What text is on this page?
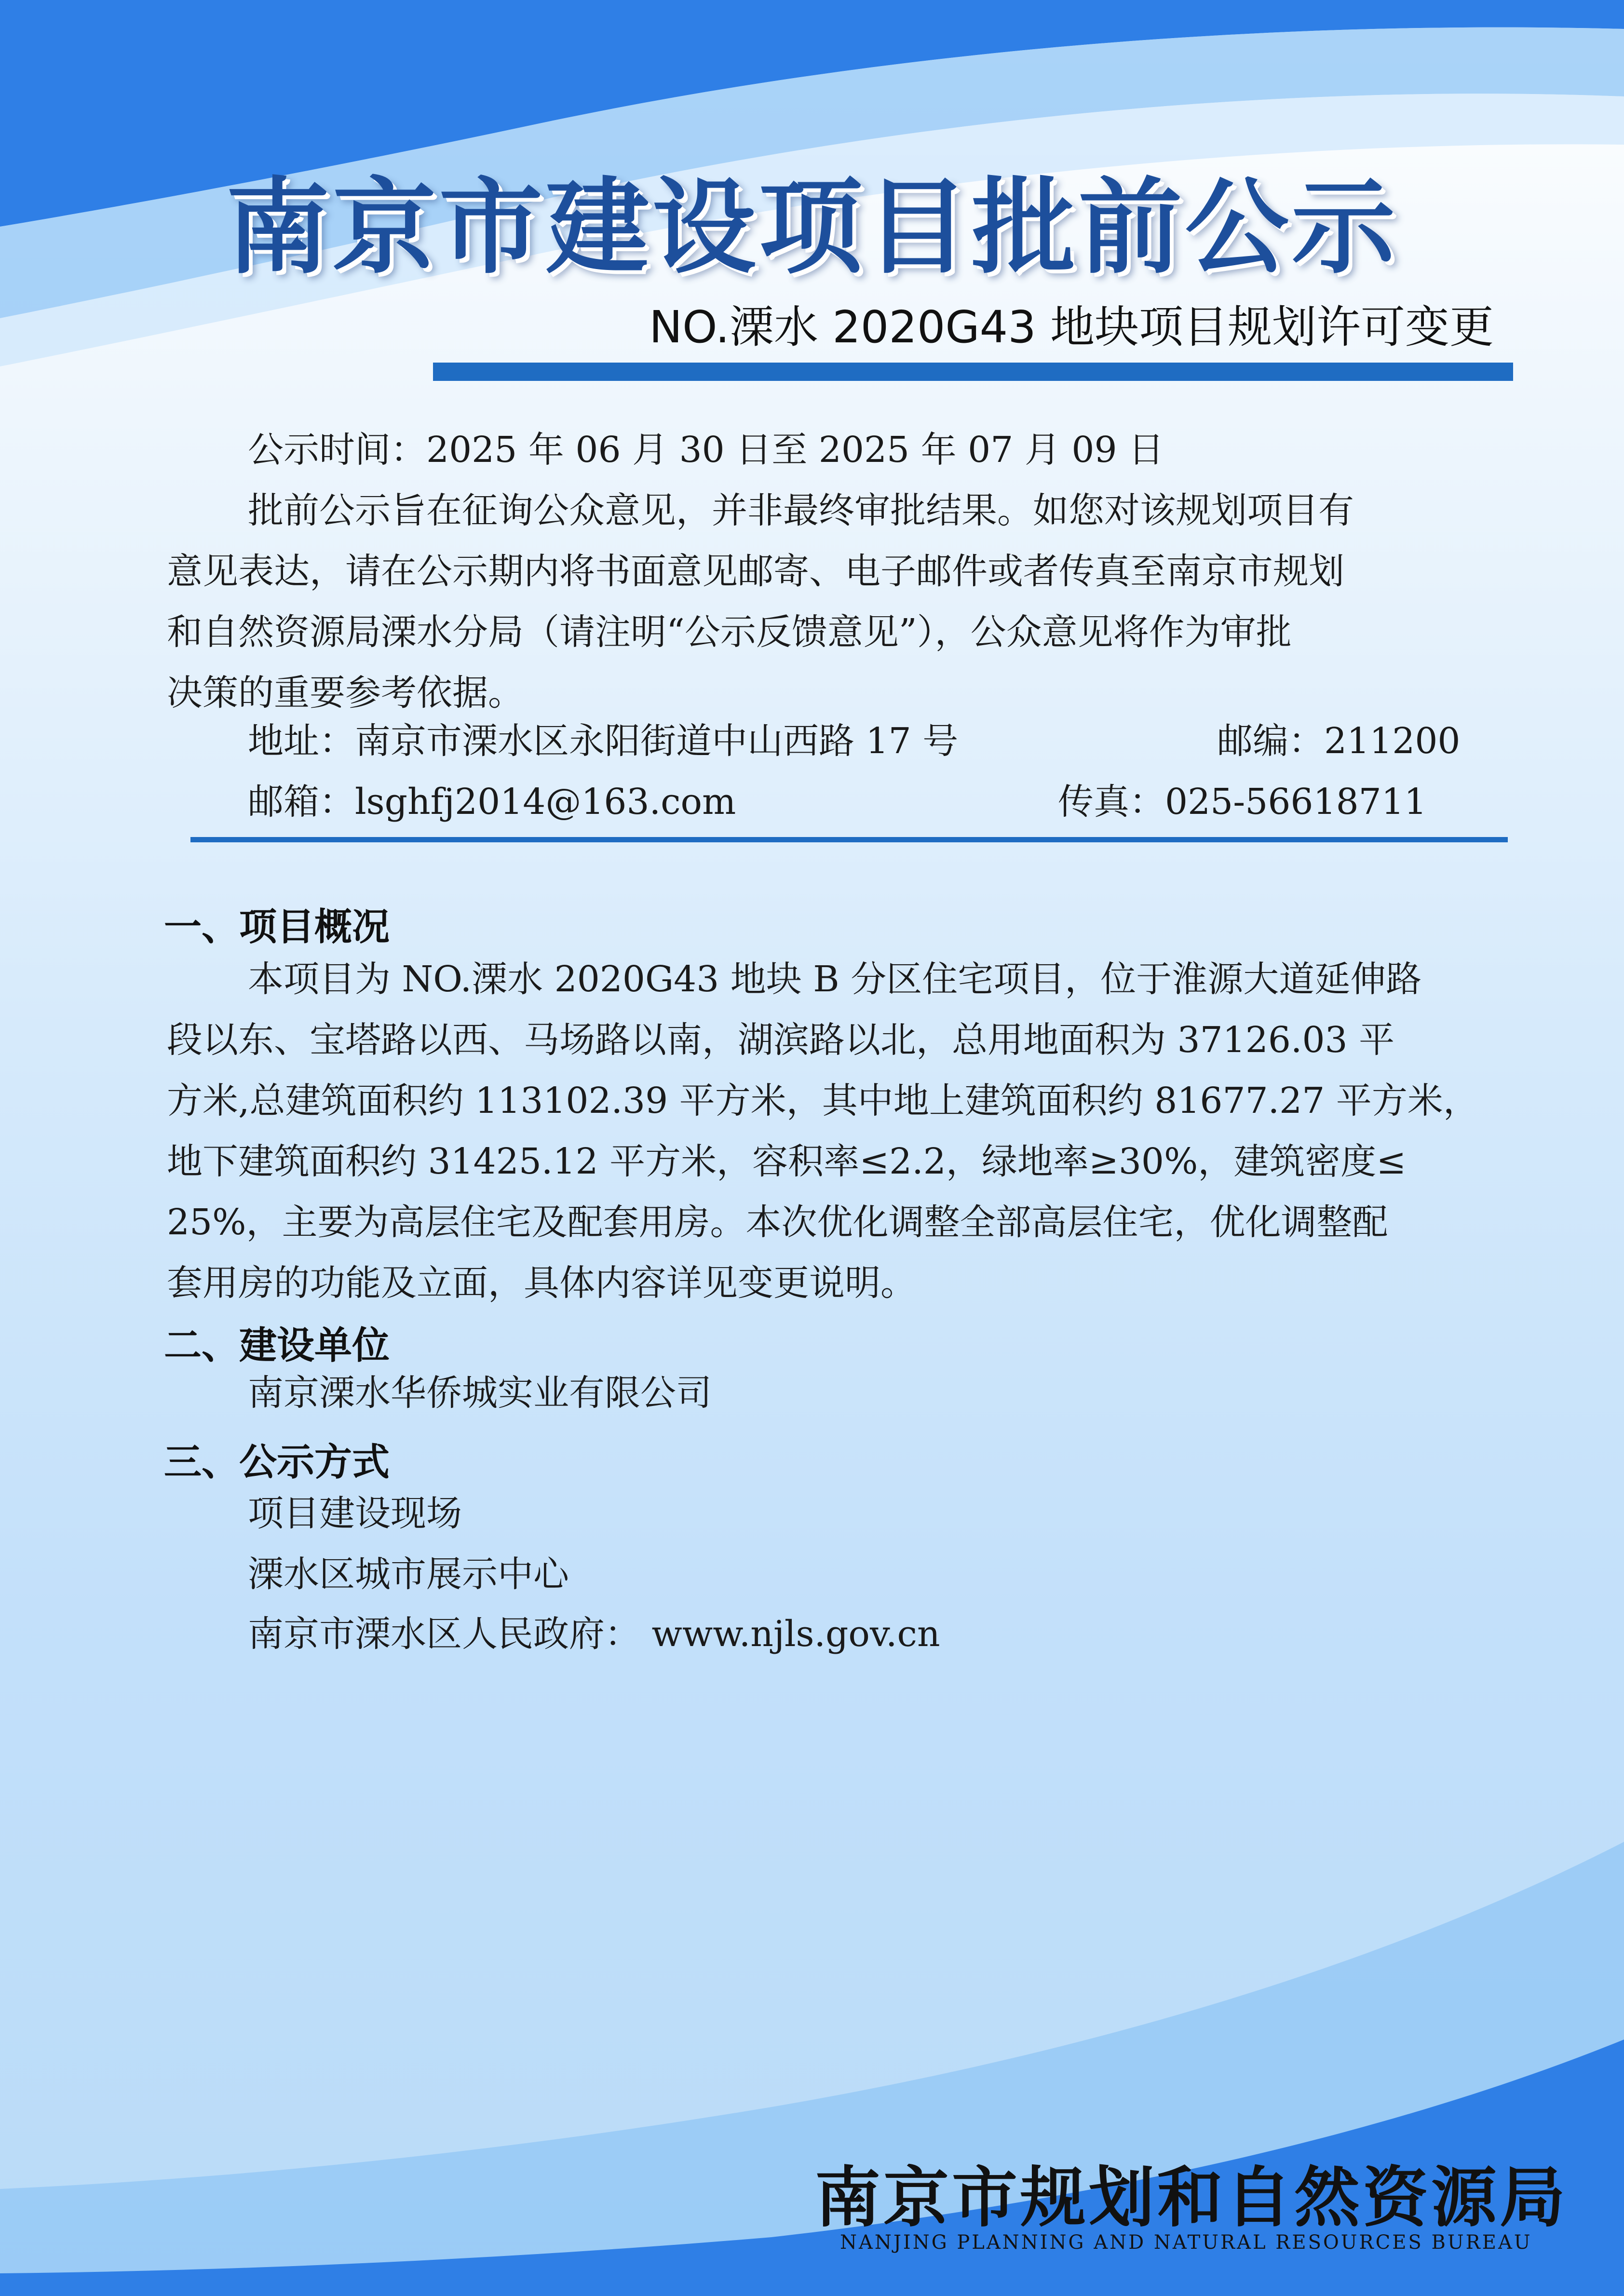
南京市建设项目批前公示
NO.溧水 2020G43 地块项目规划许可变更
公示时间：2025 年 06 月 30 日至 2025 年 07 月 09 日
批前公示旨在征询公众意见，并非最终审批结果。如您对该规划项目有
意见表达，请在公示期内将书面意见邮寄、电子邮件或者传真至南京市规划
和自然资源局溧水分局（请注明“公示反馈意见”），公众意见将作为审批
决策的重要参考依据。
地址：南京市溧水区永阳街道中山西路 17 号	邮编：211200
邮箱：lsghfj2014@163.com	传真：025-56618711
一、项目概况
本项目为 NO.溧水 2020G43 地块 B 分区住宅项目，位于淮源大道延伸路
段以东、宝塔路以西、马场路以南，湖滨路以北，总用地面积为 37126.03 平
方米,总建筑面积约 113102.39 平方米，其中地上建筑面积约 81677.27 平方米，
地下建筑面积约 31425.12 平方米，容积率≤2.2，绿地率≥30%，建筑密度≤
25%，主要为高层住宅及配套用房。本次优化调整全部高层住宅，优化调整配
套用房的功能及立面，具体内容详见变更说明。
二、建设单位
南京溧水华侨城实业有限公司
三、公示方式
项目建设现场
溧水区城市展示中心
南京市溧水区人民政府： www.njls.gov.cn
南京市规划和自然资源局
NANJING PLANNING AND NATURAL RESOURCES BUREAU
